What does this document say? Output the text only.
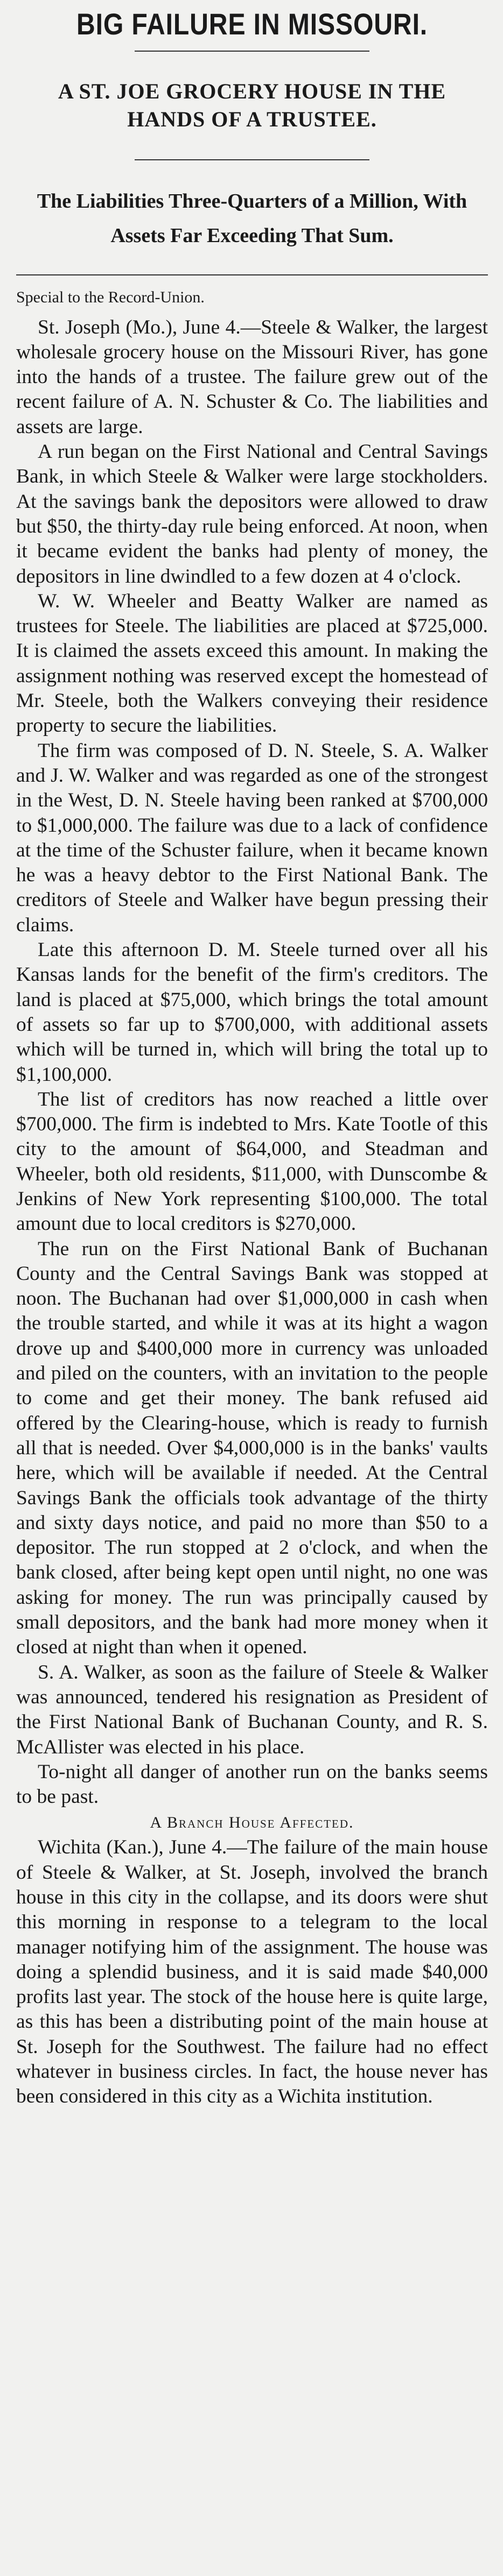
BIG FAILURE IN MISSOURI.
A ST. JOE GROCERY HOUSE IN THE HANDS OF A TRUSTEE.
The Liabilities Three-Quarters of a Million, With Assets Far Exceeding That Sum.
Special to the Record-Union.

St. Joseph (Mo.), June 4.—Steele & Walker, the largest wholesale grocery house on the Missouri River, has gone into the hands of a trustee. The failure grew out of the recent failure of A. N. Schuster & Co. The liabilities and assets are large.

A run began on the First National and Central Savings Bank, in which Steele & Walker were large stockholders. At the savings bank the depositors were allowed to draw but $50, the thirty-day rule being enforced. At noon, when it became evident the banks had plenty of money, the depositors in line dwindled to a few dozen at 4 o'clock.

W. W. Wheeler and Beatty Walker are named as trustees for Steele. The liabilities are placed at $725,000. It is claimed the assets exceed this amount. In making the assignment nothing was reserved except the homestead of Mr. Steele, both the Walkers conveying their residence property to secure the liabilities.

The firm was composed of D. N. Steele, S. A. Walker and J. W. Walker and was regarded as one of the strongest in the West, D. N. Steele having been ranked at $700,000 to $1,000,000. The failure was due to a lack of confidence at the time of the Schuster failure, when it became known he was a heavy debtor to the First National Bank. The creditors of Steele and Walker have begun pressing their claims.

Late this afternoon D. M. Steele turned over all his Kansas lands for the benefit of the firm's creditors. The land is placed at $75,000, which brings the total amount of assets so far up to $700,000, with additional assets which will be turned in, which will bring the total up to $1,100,000.

The list of creditors has now reached a little over $700,000. The firm is indebted to Mrs. Kate Tootle of this city to the amount of $64,000, and Steadman and Wheeler, both old residents, $11,000, with Dunscombe & Jenkins of New York representing $100,000. The total amount due to local creditors is $270,000.

The run on the First National Bank of Buchanan County and the Central Savings Bank was stopped at noon. The Buchanan had over $1,000,000 in cash when the trouble started, and while it was at its hight a wagon drove up and $400,000 more in currency was unloaded and piled on the counters, with an invitation to the people to come and get their money. The bank refused aid offered by the Clearing-house, which is ready to furnish all that is needed. Over $4,000,000 is in the banks' vaults here, which will be available if needed. At the Central Savings Bank the officials took advantage of the thirty and sixty days notice, and paid no more than $50 to a depositor. The run stopped at 2 o'clock, and when the bank closed, after being kept open until night, no one was asking for money. The run was principally caused by small depositors, and the bank had more money when it closed at night than when it opened.

S. A. Walker, as soon as the failure of Steele & Walker was announced, tendered his resignation as President of the First National Bank of Buchanan County, and R. S. McAllister was elected in his place.

To-night all danger of another run on the banks seems to be past.

A Branch House Affected.

Wichita (Kan.), June 4.—The failure of the main house of Steele & Walker, at St. Joseph, involved the branch house in this city in the collapse, and its doors were shut this morning in response to a telegram to the local manager notifying him of the assignment. The house was doing a splendid business, and it is said made $40,000 profits last year. The stock of the house here is quite large, as this has been a distributing point of the main house at St. Joseph for the Southwest. The failure had no effect whatever in business circles. In fact, the house never has been considered in this city as a Wichita institution.
